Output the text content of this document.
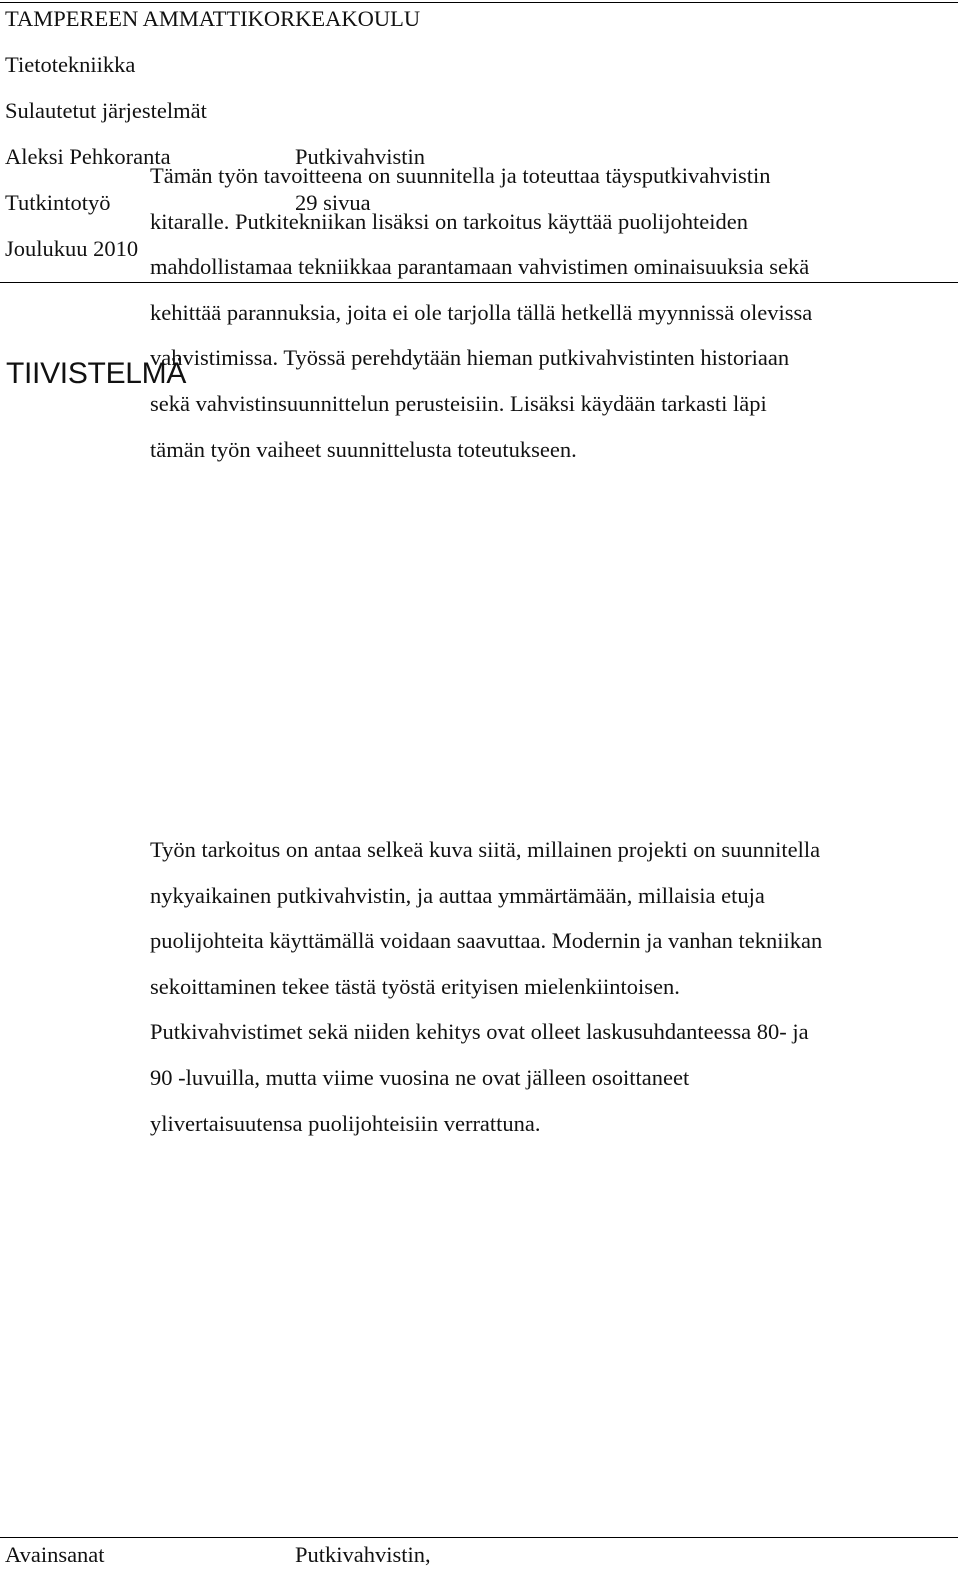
TAMPEREEN AMMATTIKORKEAKOULU
Tietotekniikka
Sulautetut järjestelmät
Aleksi Pehkoranta	Putkivahvistin
Tutkintotyö	29 sivua
Joulukuu 2010
TIIVISTELMÄ
Tämän työn tavoitteena on suunnitella ja toteuttaa täysputkivahvistin
kitaralle. Putkitekniikan lisäksi on tarkoitus käyttää puolijohteiden
mahdollistamaa tekniikkaa parantamaan vahvistimen ominaisuuksia sekä
kehittää parannuksia, joita ei ole tarjolla tällä hetkellä myynnissä olevissa
vahvistimissa. Työssä perehdytään hieman putkivahvistinten historiaan
sekä vahvistinsuunnittelun perusteisiin. Lisäksi käydään tarkasti läpi
tämän työn vaiheet suunnittelusta toteutukseen.
Työn tarkoitus on antaa selkeä kuva siitä, millainen projekti on suunnitella
nykyaikainen putkivahvistin, ja auttaa ymmärtämään, millaisia etuja
puolijohteita käyttämällä voidaan saavuttaa. Modernin ja vanhan tekniikan
sekoittaminen tekee tästä työstä erityisen mielenkiintoisen.
Putkivahvistimet sekä niiden kehitys ovat olleet laskusuhdanteessa 80- ja
90 -luvuilla, mutta viime vuosina ne ovat jälleen osoittaneet
ylivertaisuutensa puolijohteisiin verrattuna.
Avainsanat	Putkivahvistin,
